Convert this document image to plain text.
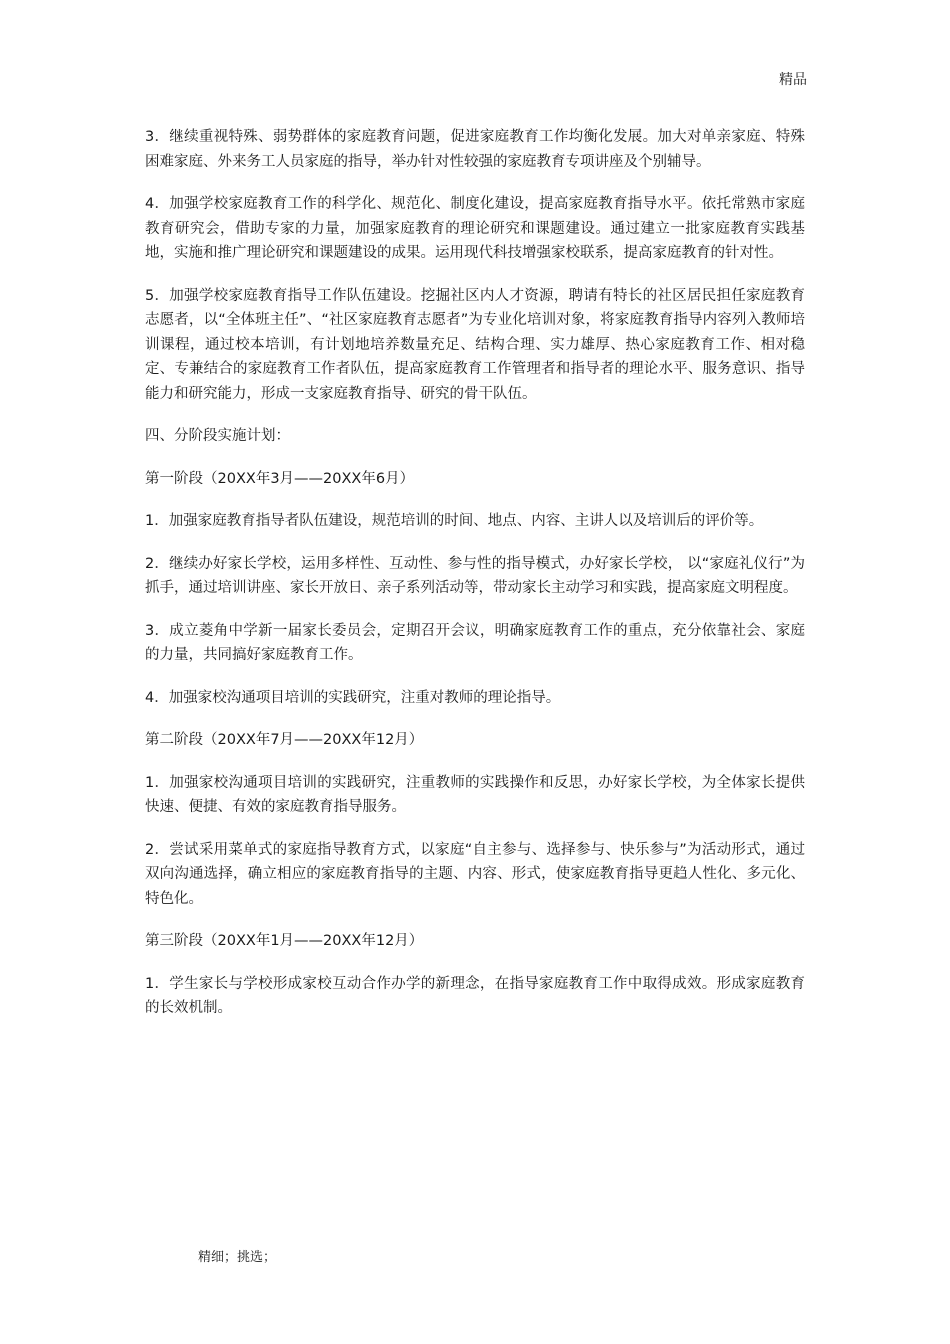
精品

3．继续重视特殊、弱势群体的家庭教育问题，促进家庭教育工作均衡化发展。加大对单亲家庭、特殊困难家庭、外来务工人员家庭的指导，举办针对性较强的家庭教育专项讲座及个别辅导。

4．加强学校家庭教育工作的科学化、规范化、制度化建设，提高家庭教育指导水平。依托常熟市家庭教育研究会，借助专家的力量，加强家庭教育的理论研究和课题建设。通过建立一批家庭教育实践基地，实施和推广理论研究和课题建设的成果。运用现代科技增强家校联系，提高家庭教育的针对性。

5．加强学校家庭教育指导工作队伍建设。挖掘社区内人才资源，聘请有特长的社区居民担任家庭教育志愿者，以“全体班主任”、“社区家庭教育志愿者”为专业化培训对象，将家庭教育指导内容列入教师培训课程，通过校本培训，有计划地培养数量充足、结构合理、实力雄厚、热心家庭教育工作、相对稳定、专兼结合的家庭教育工作者队伍，提高家庭教育工作管理者和指导者的理论水平、服务意识、指导能力和研究能力，形成一支家庭教育指导、研究的骨干队伍。

四、分阶段实施计划：

第一阶段（20XX年3月——20XX年6月）

1．加强家庭教育指导者队伍建设，规范培训的时间、地点、内容、主讲人以及培训后的评价等。

2．继续办好家长学校，运用多样性、互动性、参与性的指导模式，办好家长学校， 以“家庭礼仪行”为抓手，通过培训讲座、家长开放日、亲子系列活动等，带动家长主动学习和实践，提高家庭文明程度。

3．成立菱角中学新一届家长委员会，定期召开会议，明确家庭教育工作的重点，充分依靠社会、家庭的力量，共同搞好家庭教育工作。

4．加强家校沟通项目培训的实践研究，注重对教师的理论指导。

第二阶段（20XX年7月——20XX年12月）

1．加强家校沟通项目培训的实践研究，注重教师的实践操作和反思，办好家长学校，为全体家长提供快速、便捷、有效的家庭教育指导服务。

2．尝试采用菜单式的家庭指导教育方式，以家庭“自主参与、选择参与、快乐参与”为活动形式，通过双向沟通选择，确立相应的家庭教育指导的主题、内容、形式，使家庭教育指导更趋人性化、多元化、特色化。

第三阶段（20XX年1月——20XX年12月）

1．学生家长与学校形成家校互动合作办学的新理念，在指导家庭教育工作中取得成效。形成家庭教育的长效机制。

精细；挑选；
